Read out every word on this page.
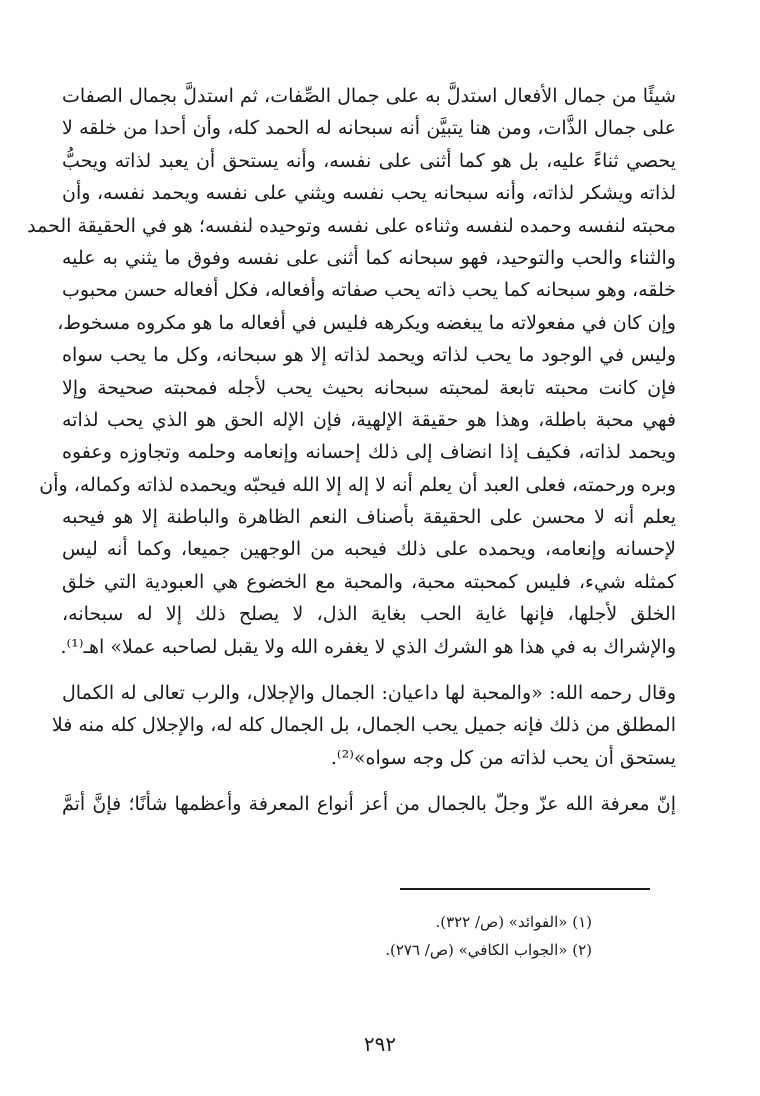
شيئًا من جمال الأفعال استدلَّ به على جمال الصِّفات، ثم استدلَّ بجمال الصفات
على جمال الذَّات، ومن هنا يتبيَّن أنه سبحانه له الحمد كله، وأن أحدا من خلقه لا
يحصي ثناءً عليه، بل هو كما أثنى على نفسه، وأنه يستحق أن يعبد لذاته ويحبُّ
لذاته ويشكر لذاته، وأنه سبحانه يحب نفسه ويثني على نفسه ويحمد نفسه، وأن
محبته لنفسه وحمده لنفسه وثناءه على نفسه وتوحيده لنفسه؛ هو في الحقيقة الحمد
والثناء والحب والتوحيد، فهو سبحانه كما أثنى على نفسه وفوق ما يثني به عليه
خلقه، وهو سبحانه كما يحب ذاته يحب صفاته وأفعاله، فكل أفعاله حسن محبوب
وإن كان في مفعولاته ما يبغضه ويكرهه فليس في أفعاله ما هو مكروه مسخوط،
وليس في الوجود ما يحب لذاته ويحمد لذاته إلا هو سبحانه، وكل ما يحب سواه
فإن كانت محبته تابعة لمحبته سبحانه بحيث يحب لأجله فمحبته صحيحة وإلا
فهي محبة باطلة، وهذا هو حقيقة الإلهية، فإن الإله الحق هو الذي يحب لذاته
ويحمد لذاته، فكيف إذا انضاف إلى ذلك إحسانه وإنعامه وحلمه وتجاوزه وعفوه
وبره ورحمته، فعلى العبد أن يعلم أنه لا إله إلا الله فيحبّه ويحمده لذاته وكماله، وأن
يعلم أنه لا محسن على الحقيقة بأصناف النعم الظاهرة والباطنة إلا هو فيحبه
لإحسانه وإنعامه، ويحمده على ذلك فيحبه من الوجهين جميعا، وكما أنه ليس
كمثله شيء، فليس كمحبته محبة، والمحبة مع الخضوع هي العبودية التي خلق
الخلق لأجلها، فإنها غاية الحب بغاية الذل، لا يصلح ذلك إلا له سبحانه،
والإشراك به في هذا هو الشرك الذي لا يغفره الله ولا يقبل لصاحبه عملا» اهـ⁽¹⁾.
وقال رحمه الله: «والمحبة لها داعيان: الجمال والإجلال، والرب تعالى له الكمال
المطلق من ذلك فإنه جميل يحب الجمال، بل الجمال كله له، والإجلال كله منه فلا
يستحق أن يحب لذاته من كل وجه سواه»⁽²⁾.
إنّ معرفة الله عزّ وجلّ بالجمال من أعز أنواع المعرفة وأعظمها شأنًا؛ فإنَّ أتمَّ
(١) «الفوائد» (ص/ ٣٢٢).
(٢) «الجواب الكافي» (ص/ ٢٧٦).
٢٩٢
